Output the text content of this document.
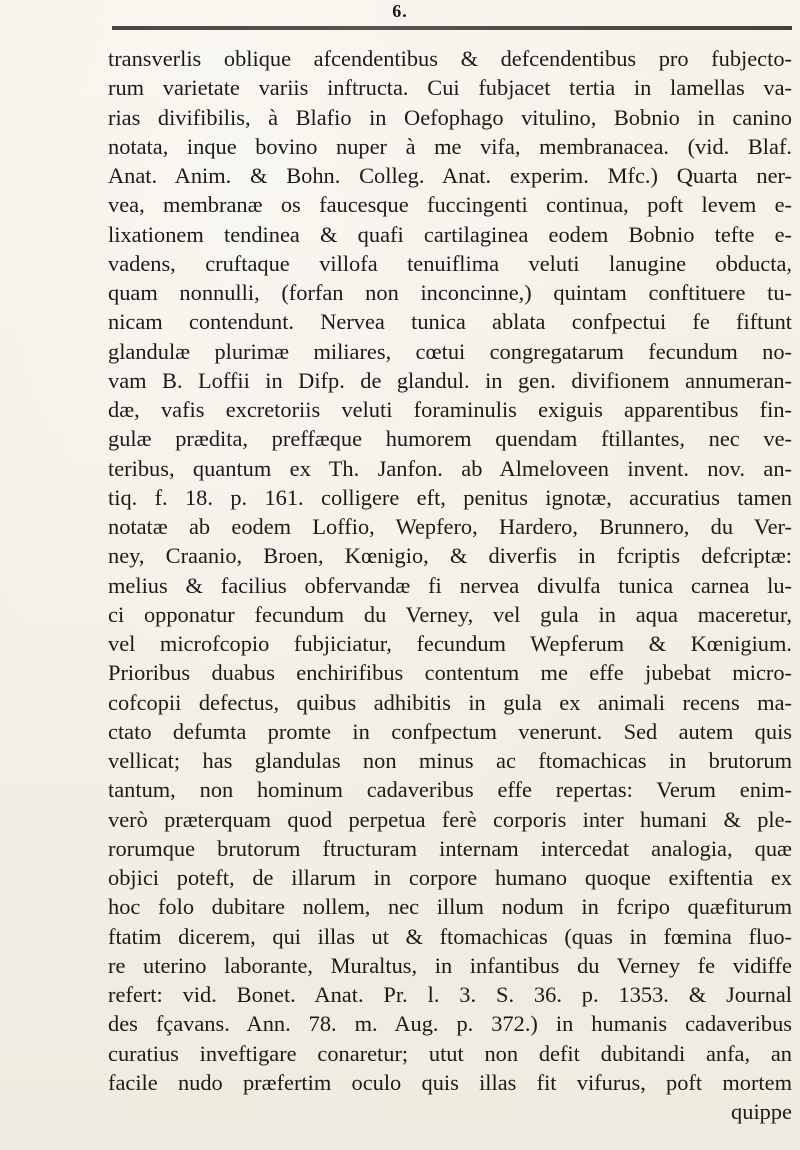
6.
transverlis oblique afcendentibus & defcendentibus pro fubjecto-
rum varietate variis inftructa. Cui fubjacet tertia in lamellas va-
rias divifibilis, à Blafio in Oefophago vitulino, Bobnio in canino
notata, inque bovino nuper à me vifa, membranacea. (vid. Blaf.
Anat. Anim. & Bohn. Colleg. Anat. experim. Mfc.) Quarta ner-
vea, membranæ os faucesque fuccingenti continua, poft levem e-
lixationem tendinea & quafi cartilaginea eodem Bobnio tefte e-
vadens, cruftaque villofa tenuiflima veluti lanugine obducta,
quam nonnulli, (forfan non inconcinne,) quintam conftituere tu-
nicam contendunt. Nervea tunica ablata confpectui fe fiftunt
glandulæ plurimæ miliares, cœtui congregatarum fecundum no-
vam B. Loffii in Difp. de glandul. in gen. divifionem annumeran-
dæ, vafis excretoriis veluti foraminulis exiguis apparentibus fin-
gulæ prædita, preffæque humorem quendam ftillantes, nec ve-
teribus, quantum ex Th. Janfon. ab Almeloveen invent. nov. an-
tiq. f. 18. p. 161. colligere eft, penitus ignotæ, accuratius tamen
notatæ ab eodem Loffio, Wepfero, Hardero, Brunnero, du Ver-
ney, Craanio, Broen, Kœnigio, & diverfis in fcriptis defcriptæ:
melius & facilius obfervandæ fi nervea divulfa tunica carnea lu-
ci opponatur fecundum du Verney, vel gula in aqua maceretur,
vel microfcopio fubjiciatur, fecundum Wepferum & Kœnigium.
Prioribus duabus enchirifibus contentum me effe jubebat micro-
cofcopii defectus, quibus adhibitis in gula ex animali recens ma-
ctato defumta promte in confpectum venerunt. Sed autem quis
vellicat; has glandulas non minus ac ftomachicas in brutorum
tantum, non hominum cadaveribus effe repertas: Verum enim-
verò præterquam quod perpetua ferè corporis inter humani & ple-
rorumque brutorum ftructuram internam intercedat analogia, quæ
objici poteft, de illarum in corpore humano quoque exiftentia ex
hoc folo dubitare nollem, nec illum nodum in fcripo quæfiturum
ftatim dicerem, qui illas ut & ftomachicas (quas in fœmina fluo-
re uterino laborante, Muraltus, in infantibus du Verney fe vidiffe
refert: vid. Bonet. Anat. Pr. l. 3. S. 36. p. 1353. & Journal
des fçavans. Ann. 78. m. Aug. p. 372.) in humanis cadaveribus
curatius inveftigare conaretur; utut non defit dubitandi anfa, an
facile nudo præfertim oculo quis illas fit vifurus, poft mortem
quippe
